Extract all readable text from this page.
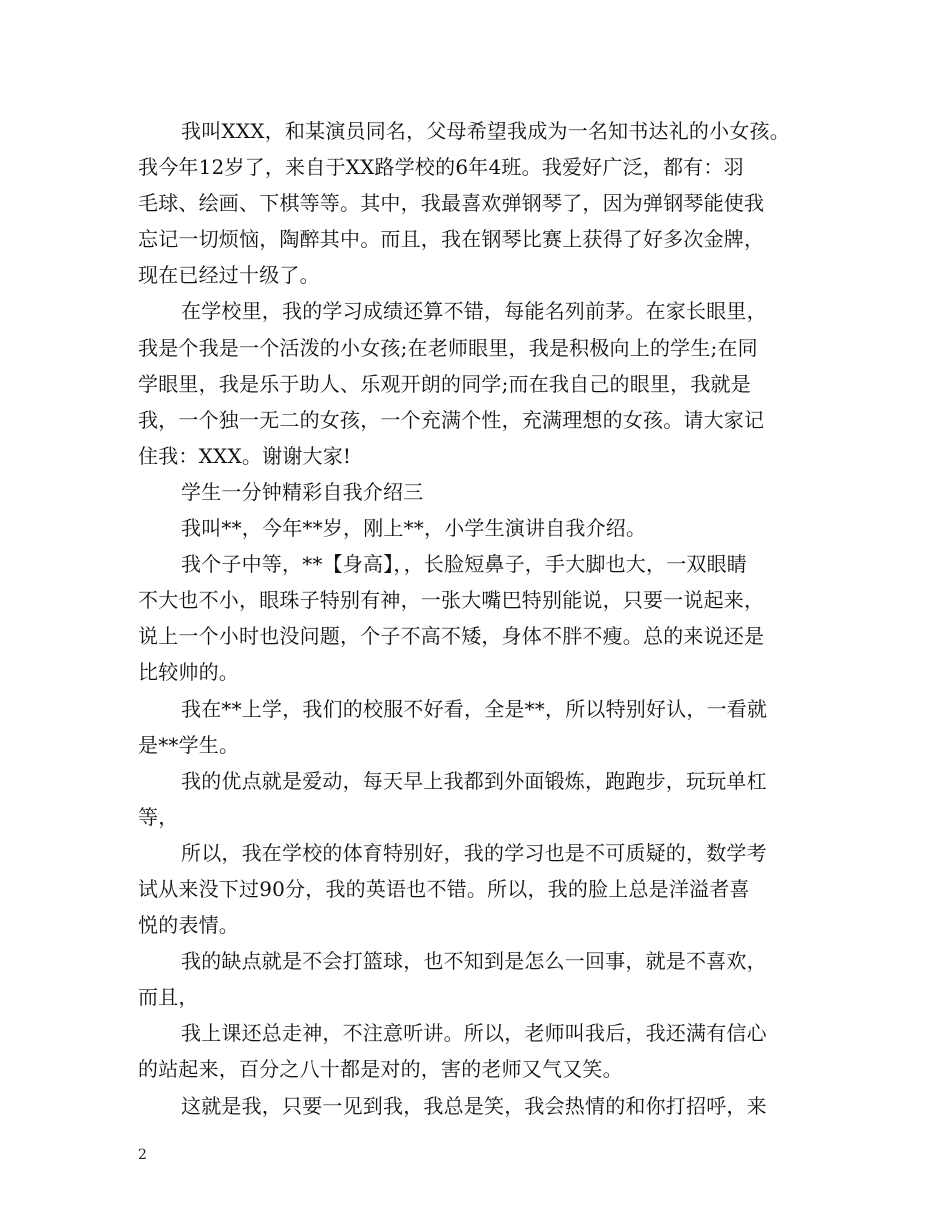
我叫XXX，和某演员同名，父母希望我成为一名知书达礼的小女孩。
我今年12岁了，来自于XX路学校的6年4班。我爱好广泛，都有：羽
毛球、绘画、下棋等等。其中，我最喜欢弹钢琴了，因为弹钢琴能使我
忘记一切烦恼，陶醉其中。而且，我在钢琴比赛上获得了好多次金牌，
现在已经过十级了。
在学校里，我的学习成绩还算不错，每能名列前茅。在家长眼里，
我是个我是一个活泼的小女孩;在老师眼里，我是积极向上的学生;在同
学眼里，我是乐于助人、乐观开朗的同学;而在我自己的眼里，我就是
我，一个独一无二的女孩，一个充满个性，充满理想的女孩。请大家记
住我：XXX。谢谢大家!
学生一分钟精彩自我介绍三
我叫**，今年**岁，刚上**，小学生演讲自我介绍。
我个子中等，**【身高】，，长脸短鼻子，手大脚也大，一双眼睛
不大也不小，眼珠子特别有神，一张大嘴巴特别能说，只要一说起来，
说上一个小时也没问题，个子不高不矮，身体不胖不瘦。总的来说还是
比较帅的。
我在**上学，我们的校服不好看，全是**，所以特别好认，一看就
是**学生。
我的优点就是爱动，每天早上我都到外面锻炼，跑跑步，玩玩单杠
等，
所以，我在学校的体育特别好，我的学习也是不可质疑的，数学考
试从来没下过90分，我的英语也不错。所以，我的脸上总是洋溢者喜
悦的表情。
我的缺点就是不会打篮球，也不知到是怎么一回事，就是不喜欢，
而且，
我上课还总走神，不注意听讲。所以，老师叫我后，我还满有信心
的站起来，百分之八十都是对的，害的老师又气又笑。
这就是我，只要一见到我，我总是笑，我会热情的和你打招呼，来
2
